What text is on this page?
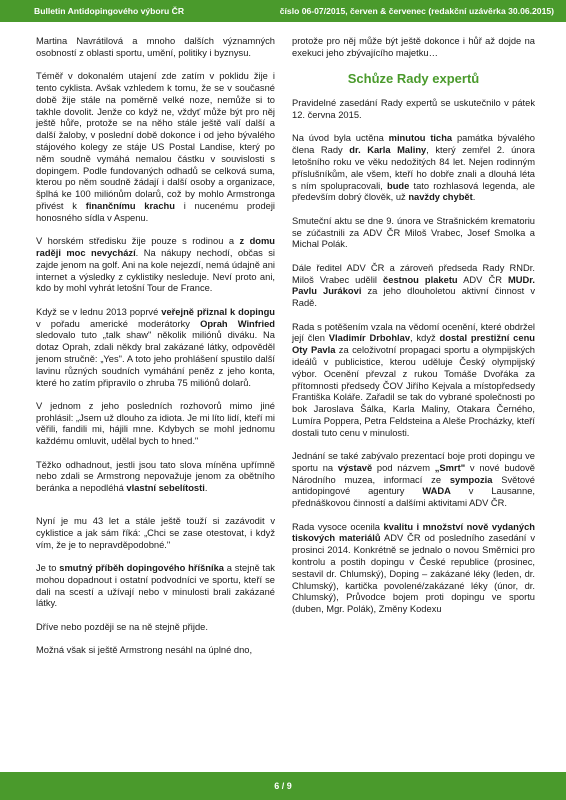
Bulletin Antidopingového výboru ČR	číslo 06-07/2015, červen & červenec (redakční uzávěrka 30.06.2015)

Martina Navrátilová a mnoho dalších významných osobností z oblasti sportu, umění, politiky i byznysu.

Téměř v dokonalém utajení zde zatím v poklidu žije i tento cyklista. Avšak vzhledem k tomu, že se v současné době žije stále na poměrně velké noze, nemůže si to takhle dovolit. Jenže co když ne, vždyť může být pro něj ještě hůře, protože se na něho stále ještě valí další a další žaloby, v poslední době dokonce i od jeho bývalého stájového kolegy ze stáje US Postal Landise, který po něm soudně vymáhá nemalou částku v souvislosti s dopingem. Podle fundovaných odhadů se celková suma, kterou po něm soudně žádají i další osoby a organizace, šplhá ke 100 miliónům dolarů, což by mohlo Armstronga přivést k finančnímu krachu i nucenému prodeji honosného sídla v Aspenu.

V horském středisku žije pouze s rodinou a z domu raději moc nevychází. Na nákupy nechodí, občas si zajde jenom na golf. Ani na kole nejezdí, nemá údajně ani internet a výsledky z cyklistiky nesleduje. Neví proto ani, kdo by mohl vyhrát letošní Tour de France.

Když se v lednu 2013 poprvé veřejně přiznal k dopingu v pořadu americké moderátorky Oprah Winfried sledovalo tuto „talk shaw" několik miliónů diváku. Na dotaz Oprah, zdali někdy bral zakázané látky, odpověděl jenom stručně: „Yes". A toto jeho prohlášení spustilo další lavinu různých soudních vymáhání peněz z jeho konta, které ho zatím připravilo o zhruba 75 miliónů dolarů.

V jednom z jeho posledních rozhovorů mimo jiné prohlásil: „Jsem už dlouho za idiota. Je mi líto lidí, kteří mi věřili, fandili mi, hájili mne. Kdybych se mohl jednomu každému omluvit, udělal bych to hned."

Těžko odhadnout, jestli jsou tato slova míněna upřímně nebo zdali se Armstrong nepovažuje jenom za obětního beránka a nepodléhá vlastní sebelítosti.

Nyní je mu 43 let a stále ještě touží si zazávodit v cyklistice a jak sám říká: „Chci se zase otestovat, i když vím, že je to nepravděpodobné."

Je to smutný příběh dopingového hříšníka a stejně tak mohou dopadnout i ostatní podvodníci ve sportu, kteří se dali na scestí a užívají nebo v minulosti brali zakázané látky.

Dříve nebo později se na ně stejně přijde.

Možná však si ještě Armstrong nesáhl na úplné dno,

protože pro něj může být ještě dokonce i hůř až dojde na exekuci jeho zbývajícího majetku…

Schůze Rady expertů

Pravidelné zasedání Rady expertů se uskutečnilo v pátek 12. června 2015.

Na úvod byla uctěna minutou ticha památka bývalého člena Rady dr. Karla Maliny, který zemřel 2. února letošního roku ve věku nedožitých 84 let. Nejen rodinným příslušníkům, ale všem, kteří ho dobře znali a dlouhá léta s ním spolupracovali, bude tato rozhlasová legenda, ale především dobrý člověk, už navždy chybět.

Smuteční aktu se dne 9. února ve Strašnickém krematoriu se zúčastnili za ADV ČR Miloš Vrabec, Josef Smolka a Michal Polák.

Dále ředitel ADV ČR a zároveň předseda Rady RNDr. Miloš Vrabec udělil čestnou plaketu ADV ČR MUDr. Pavlu Jurákovi za jeho dlouholetou aktivní činnost v Radě.

Rada s potěšením vzala na vědomí ocenění, které obdržel její člen Vladimír Drbohlav, když dostal prestižní cenu Oty Pavla za celoživotní propagaci sportu a olympijských ideálů v publicistice, kterou uděluje Český olympijský výbor. Ocenění převzal z rukou Tomáše Dvořáka za přítomnosti předsedy ČOV Jiřího Kejvala a místopředsedy Františka Koláře. Zařadil se tak do vybrané společnosti po bok Jaroslava Šálka, Karla Maliny, Otakara Černého, Lumíra Poppera, Petra Feldsteina a Aleše Procházky, kteří dostali tuto cenu v minulosti.

Jednání se také zabývalo prezentací boje proti dopingu ve sportu na výstavě pod názvem „Smrt" v nové budově Národního muzea, informací ze sympozia Světové antidopingové agentury WADA v Lausanne, přednáškovou činností a dalšími aktivitami ADV ČR.

Rada vysoce ocenila kvalitu i množství nově vydaných tiskových materiálů ADV ČR od posledního zasedání v prosinci 2014. Konkrétně se jednalo o novou Směrnici pro kontrolu a postih dopingu v České republice (prosinec, sestavil dr. Chlumský), Doping – zakázané léky (leden, dr. Chlumský), kartička povolené/zakázané léky (únor, dr. Chlumský), Průvodce bojem proti dopingu ve sportu (duben, Mgr. Polák), Změny Kodexu

6 / 9
